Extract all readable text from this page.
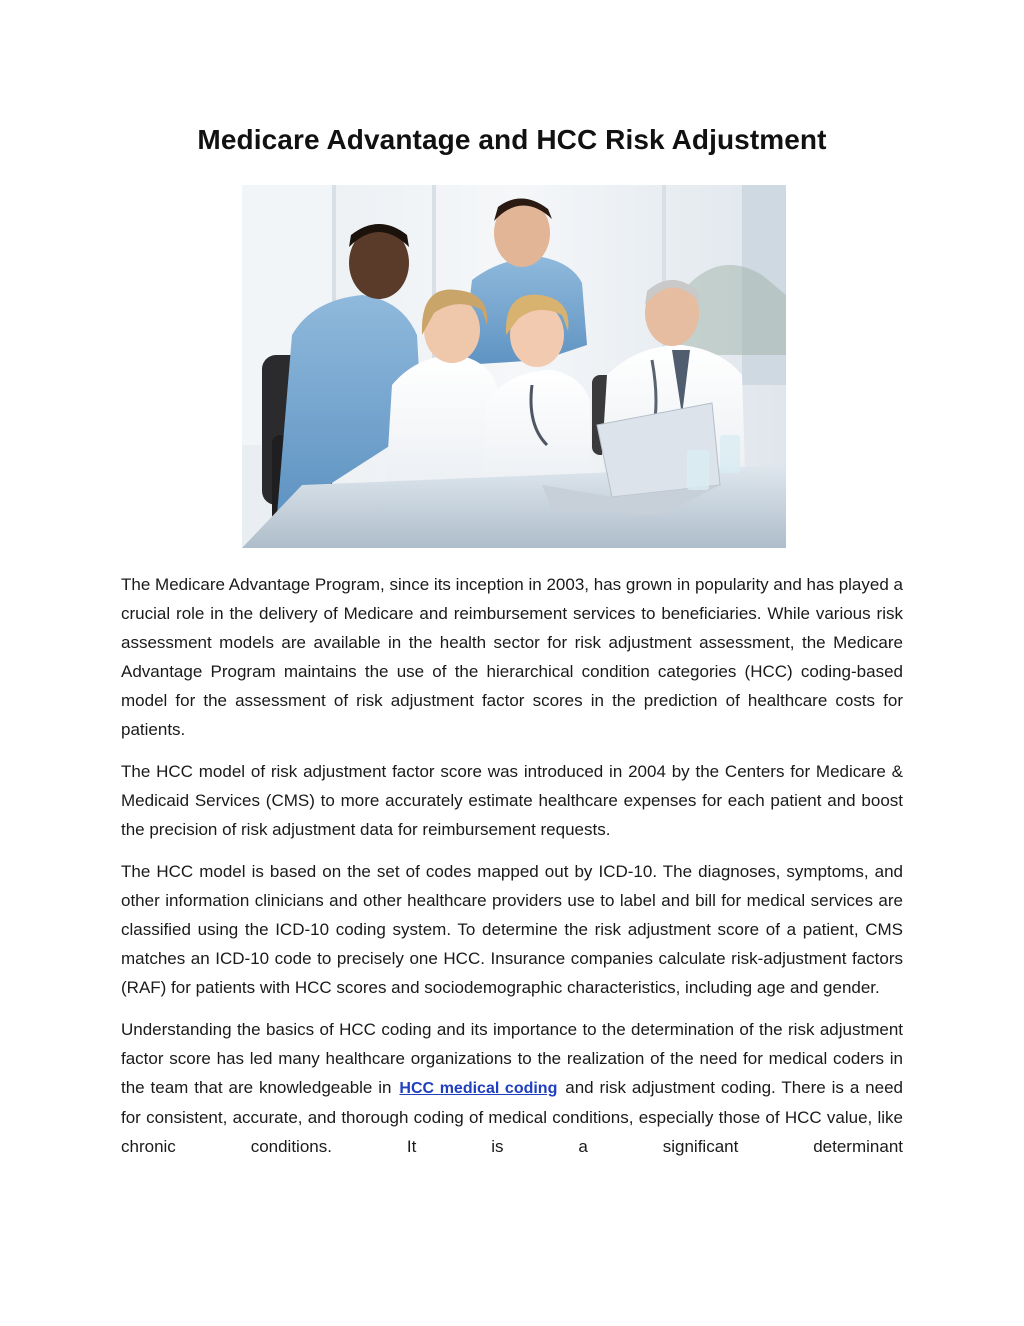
Medicare Advantage and HCC Risk Adjustment

The Medicare Advantage Program, since its inception in 2003, has grown in popularity and has played a crucial role in the delivery of Medicare and reimbursement services to beneficiaries. While various risk assessment models are available in the health sector for risk adjustment assessment, the Medicare Advantage Program maintains the use of the hierarchical condition categories (HCC) coding-based model for the assessment of risk adjustment factor scores in the prediction of healthcare costs for patients.

The HCC model of risk adjustment factor score was introduced in 2004 by the Centers for Medicare & Medicaid Services (CMS) to more accurately estimate healthcare expenses for each patient and boost the precision of risk adjustment data for reimbursement requests.

The HCC model is based on the set of codes mapped out by ICD-10. The diagnoses, symptoms, and other information clinicians and other healthcare providers use to label and bill for medical services are classified using the ICD-10 coding system. To determine the risk adjustment score of a patient, CMS matches an ICD-10 code to precisely one HCC. Insurance companies calculate risk-adjustment factors (RAF) for patients with HCC scores and sociodemographic characteristics, including age and gender.

Understanding the basics of HCC coding and its importance to the determination of the risk adjustment factor score has led many healthcare organizations to the realization of the need for medical coders in the team that are knowledgeable in HCC medical coding and risk adjustment coding. There is a need for consistent, accurate, and thorough coding of medical conditions, especially those of HCC value, like chronic conditions. It is a significant determinant
